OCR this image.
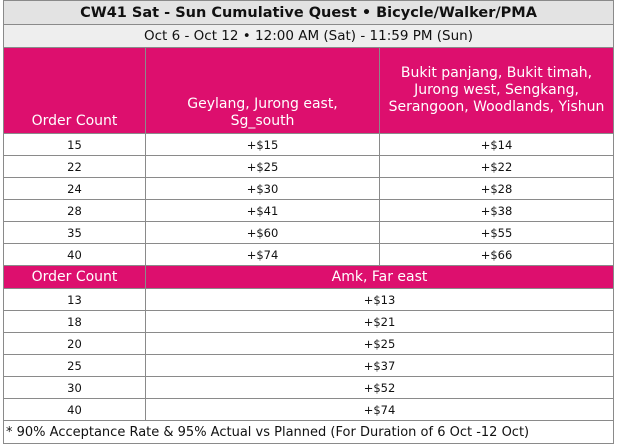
CW41 Sat - Sun Cumulative Quest • Bicycle/Walker/PMA		
Oct 6 - Oct 12 • 12:00 AM (Sat) - 11:59 PM (Sun)		
Order Count	Geylang, Jurong east, Sg_south	Bukit panjang, Bukit timah, Jurong west, Sengkang, Serangoon, Woodlands, Yishun

15	+$15	+$14
22	+$25	+$22
24	+$30	+$28
28	+$41	+$38
35	+$60	+$55
40	+$74	+$66
Order Count	Amk, Far east	
13	+$13	
18	+$21	
20	+$25	
25	+$37	
30	+$52	
40	+$74	
* 90% Acceptance Rate & 95% Actual vs Planned (For Duration of 6 Oct -12 Oct)		
